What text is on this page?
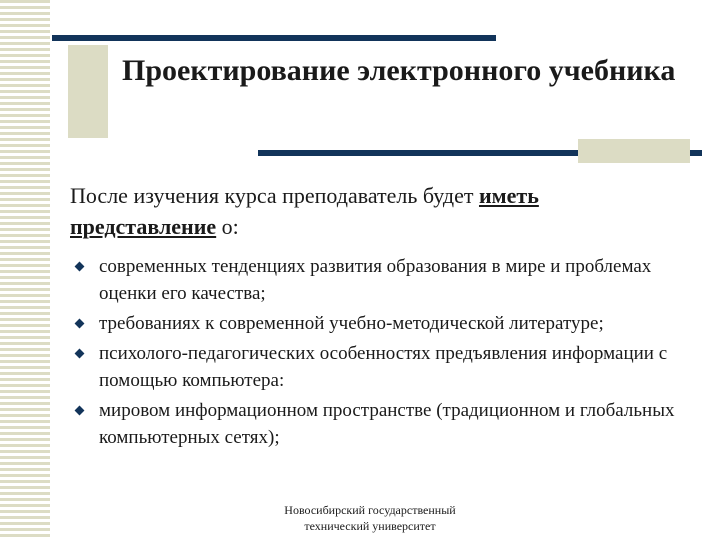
Проектирование электронного учебника
После изучения курса преподаватель будет иметь представление о:
современных тенденциях развития образования в мире и проблемах оценки его качества;
требованиях к современной учебно-методической литературе;
психолого-педагогических особенностях предъявления информации с помощью компьютера:
мировом информационном пространстве (традиционном и глобальных компьютерных сетях);
Новосибирский государственный
технический университет
